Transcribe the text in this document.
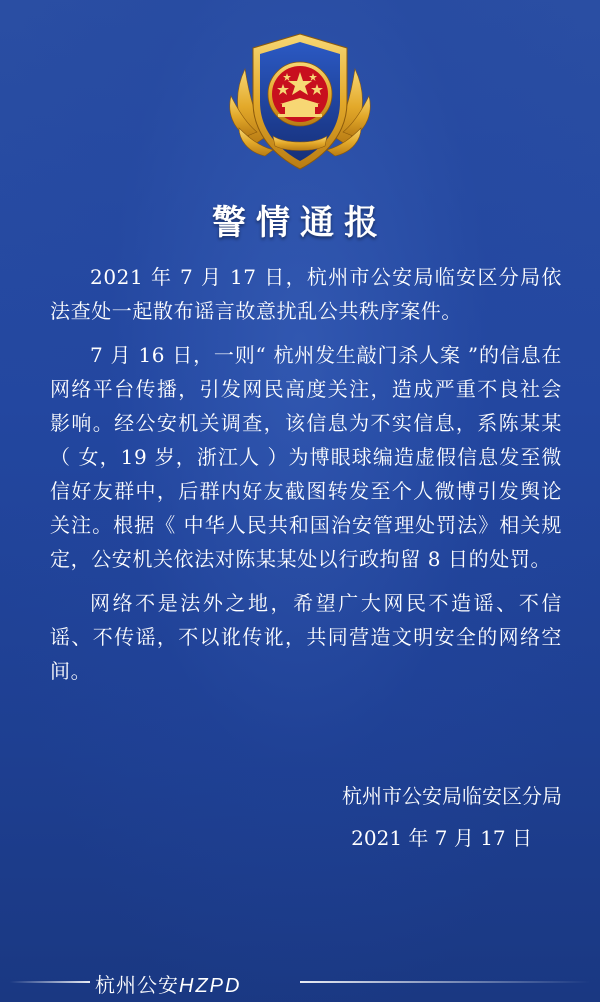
警情通报

2021 年 7 月 17 日，杭州市公安局临安区分局依法查处一起散布谣言故意扰乱公共秩序案件。

7 月 16 日，一则“ 杭州发生敲门杀人案 ”的信息在网络平台传播，引发网民高度关注，造成严重不良社会影响。经公安机关调查，该信息为不实信息，系陈某某（ 女，19 岁，浙江人 ）为博眼球编造虚假信息发至微信好友群中，后群内好友截图转发至个人微博引发舆论关注。根据《 中华人民共和国治安管理处罚法》相关规定，公安机关依法对陈某某处以行政拘留 8 日的处罚。

网络不是法外之地，希望广大网民不造谣、不信谣、不传谣，不以讹传讹，共同营造文明安全的网络空间。

杭州市公安局临安区分局
2021 年 7 月 17 日
杭州公安HZPD
